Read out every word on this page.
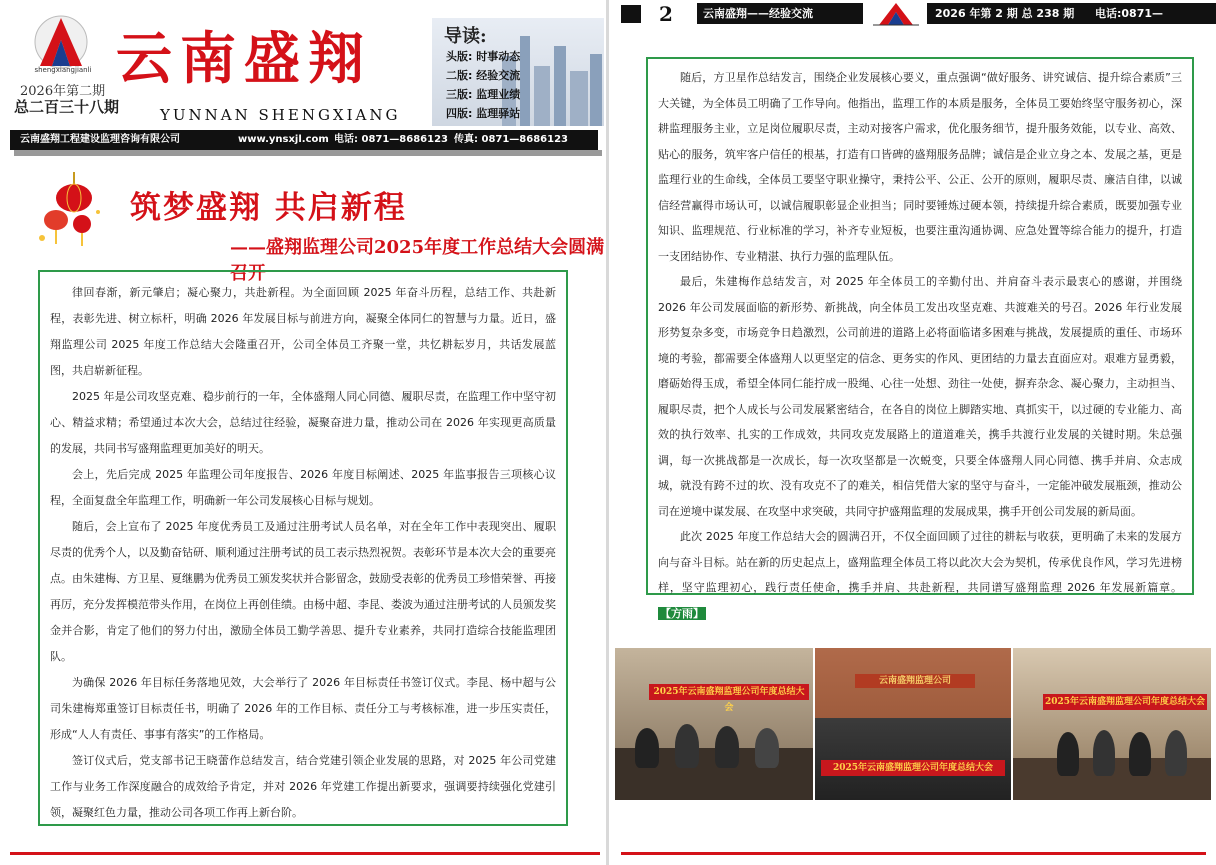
shengxiangjianli
2026年第二期
总二百三十八期
云南盛翔
YUNNAN SHENGXIANG
导读:
头版: 时事动态
二版: 经验交流
三版: 监理业绩
四版: 监理驿站
云南盛翔工程建设监理咨询有限公司	www.ynsxjl.com 电话: 0871—8686123 传真: 0871—8686123
筑梦盛翔 共启新程
——盛翔监理公司2025年度工作总结大会圆满召开

律回春渐，新元肇启；凝心聚力，共赴新程。为全面回顾 2025 年奋斗历程，总结工作、共赴新程，表彰先进、树立标杆，明确 2026 年发展目标与前进方向，凝聚全体同仁的智慧与力量。近日，盛翔监理公司 2025 年度工作总结大会隆重召开，公司全体员工齐聚一堂，共忆耕耘岁月，共话发展蓝图，共启崭新征程。

2025 年是公司攻坚克难、稳步前行的一年，全体盛翔人同心同德、履职尽责，在监理工作中坚守初心、精益求精；希望通过本次大会，总结过往经验，凝聚奋进力量，推动公司在 2026 年实现更高质量的发展，共同书写盛翔监理更加美好的明天。

会上，先后完成 2025 年监理公司年度报告、2026 年度目标阐述、2025 年监事报告三项核心议程，全面复盘全年监理工作，明确新一年公司发展核心目标与规划。

随后，会上宣布了 2025 年度优秀员工及通过注册考试人员名单，对在全年工作中表现突出、履职尽责的优秀个人，以及勤奋钻研、顺利通过注册考试的员工表示热烈祝贺。表彰环节是本次大会的重要亮点。由朱建梅、方卫星、夏继鹏为优秀员工颁发奖状并合影留念，鼓励受表彰的优秀员工珍惜荣誉、再接再厉，充分发挥模范带头作用，在岗位上再创佳绩。由杨中超、李昆、娄波为通过注册考试的人员颁发奖金并合影，肯定了他们的努力付出，激励全体员工勤学善思、提升专业素养，共同打造综合技能监理团队。

为确保 2026 年目标任务落地见效，大会举行了 2026 年目标责任书签订仪式。李昆、杨中超与公司朱建梅郑重签订目标责任书，明确了 2026 年的工作目标、责任分工与考核标准，进一步压实责任，形成“人人有责任、事事有落实”的工作格局。

签订仪式后，党支部书记王晓蕾作总结发言，结合党建引领企业发展的思路，对 2025 年公司党建工作与业务工作深度融合的成效给予肯定，并对 2026 年党建工作提出新要求，强调要持续强化党建引领，凝聚红色力量，推动公司各项工作再上新台阶。

2	云南盛翔——经验交流	2026 年第 2 期 总 238 期 电话:0871—68686123

随后，方卫星作总结发言，围绕企业发展核心要义，重点强调“做好服务、讲究诚信、提升综合素质”三大关键，为全体员工明确了工作导向。他指出，监理工作的本质是服务，全体员工要始终坚守服务初心，深耕监理服务主业，立足岗位履职尽责，主动对接客户需求，优化服务细节，提升服务效能，以专业、高效、贴心的服务，筑牢客户信任的根基，打造有口皆碑的盛翔服务品牌；诚信是企业立身之本、发展之基，更是监理行业的生命线，全体员工要坚守职业操守，秉持公平、公正、公开的原则，履职尽责、廉洁自律，以诚信经营赢得市场认可，以诚信履职彰显企业担当；同时要锤炼过硬本领，持续提升综合素质，既要加强专业知识、监理规范、行业标准的学习，补齐专业短板，也要注重沟通协调、应急处置等综合能力的提升，打造一支团结协作、专业精湛、执行力强的监理队伍。

最后，朱建梅作总结发言，对 2025 年全体员工的辛勤付出、并肩奋斗表示最衷心的感谢，并围绕 2026 年公司发展面临的新形势、新挑战，向全体员工发出攻坚克难、共渡难关的号召。2026 年行业发展形势复杂多变，市场竞争日趋激烈，公司前进的道路上必将面临诸多困难与挑战，发展提质的重任、市场环境的考验，都需要全体盛翔人以更坚定的信念、更务实的作风、更团结的力量去直面应对。艰难方显勇毅，磨砺始得玉成，希望全体同仁能拧成一股绳、心往一处想、劲往一处使，摒弃杂念、凝心聚力，主动担当、履职尽责，把个人成长与公司发展紧密结合，在各自的岗位上脚踏实地、真抓实干，以过硬的专业能力、高效的执行效率、扎实的工作成效，共同攻克发展路上的道道难关，携手共渡行业发展的关键时期。朱总强调，每一次挑战都是一次成长，每一次攻坚都是一次蜕变，只要全体盛翔人同心同德、携手并肩、众志成城，就没有跨不过的坎、没有攻克不了的难关，相信凭借大家的坚守与奋斗，一定能冲破发展瓶颈，推动公司在逆境中谋发展、在攻坚中求突破，共同守护盛翔监理的发展成果，携手开创公司发展的新局面。

此次 2025 年度工作总结大会的圆满召开，不仅全面回顾了过往的耕耘与收获，更明确了未来的发展方向与奋斗目标。站在新的历史起点上，盛翔监理全体员工将以此次大会为契机，传承优良作风，学习先进榜样，坚守监理初心，践行责任使命，携手并肩、共赴新程，共同谱写盛翔监理 2026 年发展新篇章。【方雨】

2025年云南盛翔监理公司年度总结大会
云南盛翔监理公司
2025年云南盛翔监理公司年度总结大会
2025年云南盛翔监理公司年度总结大会
